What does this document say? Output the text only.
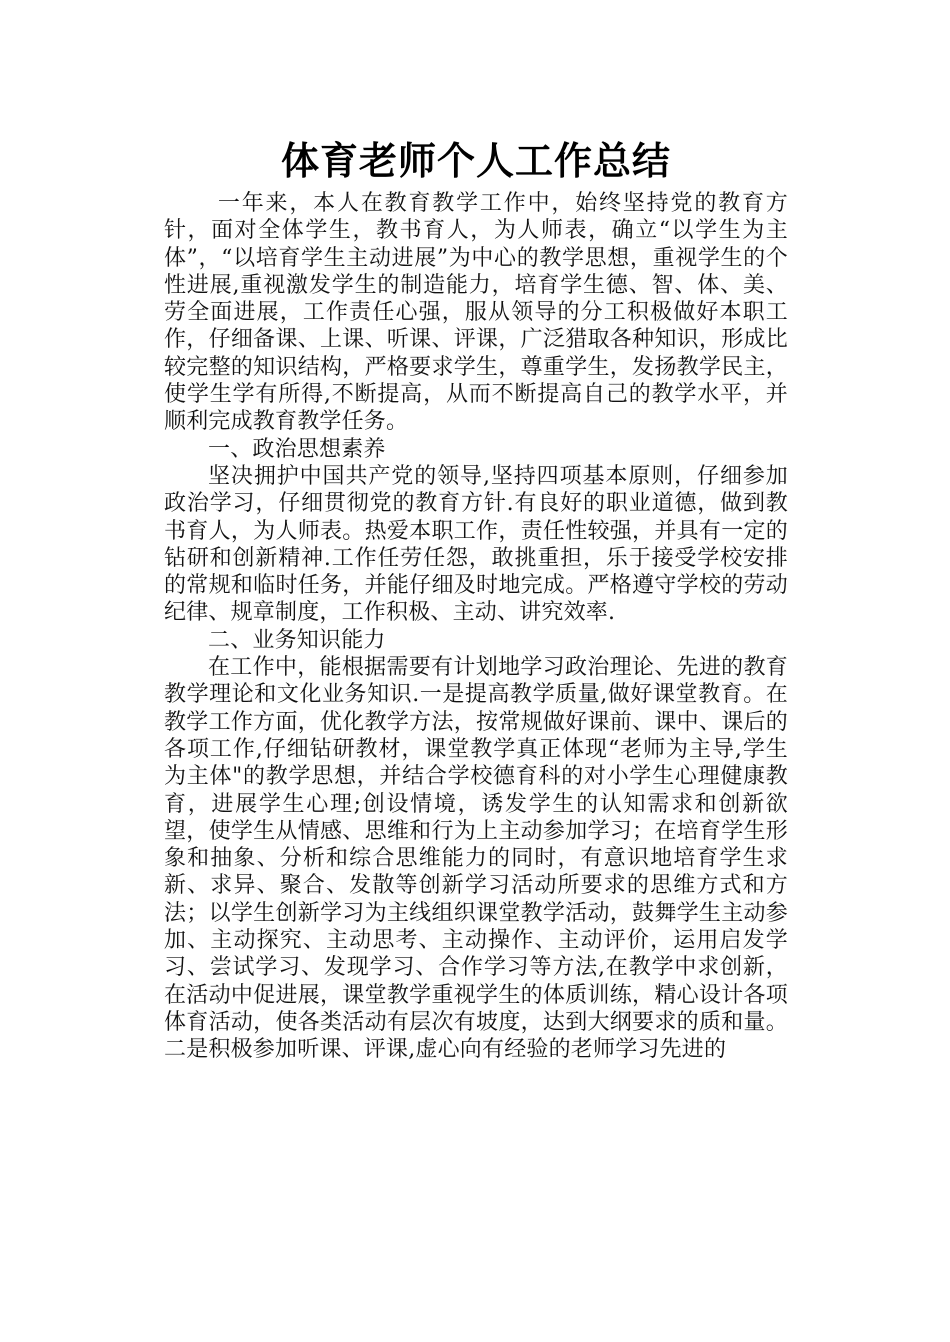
体育老师个人工作总结

一年来，本人在教育教学工作中，始终坚持党的教育方针，面对全体学生，教书育人，为人师表，确立“以学生为主体”，“以培育学生主动进展”为中心的教学思想，重视学生的个性进展,重视激发学生的制造能力，培育学生德、智、体、美、劳全面进展，工作责任心强，服从领导的分工积极做好本职工作，仔细备课、上课、听课、评课，广泛猎取各种知识，形成比较完整的知识结构，严格要求学生，尊重学生，发扬教学民主，使学生学有所得,不断提高，从而不断提高自己的教学水平，并顺利完成教育教学任务。

一、政治思想素养

坚决拥护中国共产党的领导,坚持四项基本原则，仔细参加政治学习，仔细贯彻党的教育方针.有良好的职业道德，做到教书育人，为人师表。热爱本职工作，责任性较强，并具有一定的钻研和创新精神.工作任劳任怨，敢挑重担，乐于接受学校安排的常规和临时任务，并能仔细及时地完成。严格遵守学校的劳动纪律、规章制度，工作积极、主动、讲究效率.

二、业务知识能力

在工作中，能根据需要有计划地学习政治理论、先进的教育教学理论和文化业务知识.一是提高教学质量,做好课堂教育。在教学工作方面，优化教学方法，按常规做好课前、课中、课后的各项工作,仔细钻研教材，课堂教学真正体现“老师为主导,学生为主体"的教学思想，并结合学校德育科的对小学生心理健康教育，进展学生心理;创设情境，诱发学生的认知需求和创新欲望，使学生从情感、思维和行为上主动参加学习；在培育学生形象和抽象、分析和综合思维能力的同时，有意识地培育学生求新、求异、聚合、发散等创新学习活动所要求的思维方式和方法；以学生创新学习为主线组织课堂教学活动，鼓舞学生主动参加、主动探究、主动思考、主动操作、主动评价，运用启发学习、尝试学习、发现学习、合作学习等方法,在教学中求创新，在活动中促进展，课堂教学重视学生的体质训练，精心设计各项体育活动，使各类活动有层次有坡度，达到大纲要求的质和量。二是积极参加听课、评课,虚心向有经验的老师学习先进的
